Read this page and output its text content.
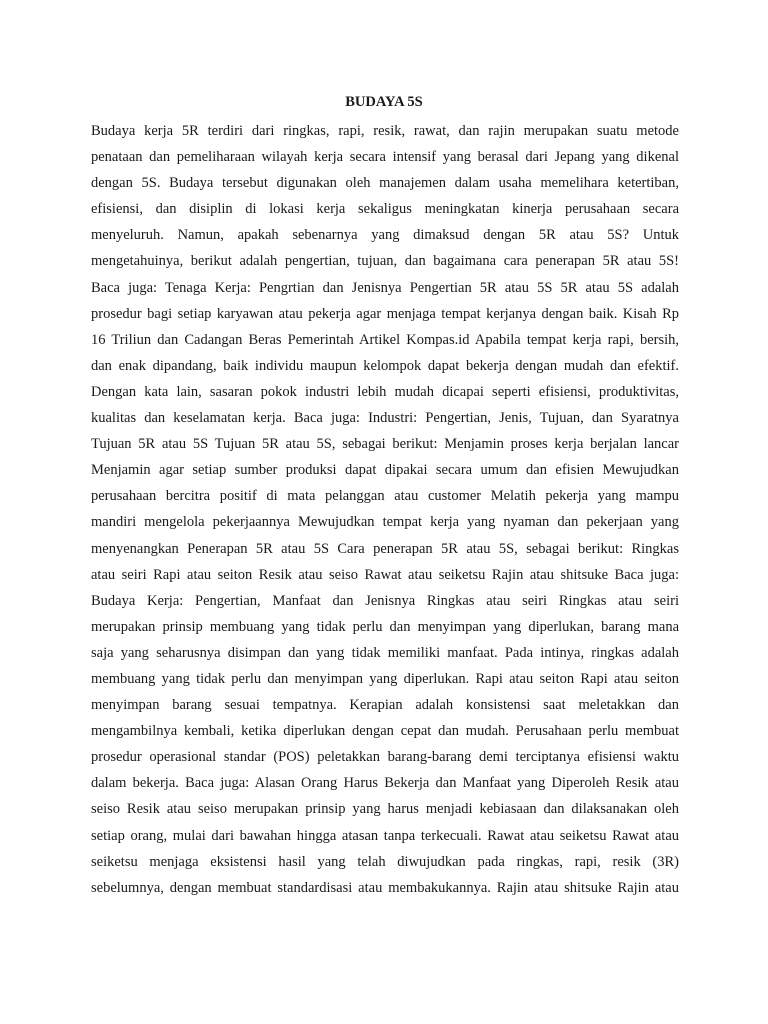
BUDAYA 5S
Budaya kerja 5R terdiri dari ringkas, rapi, resik, rawat, dan rajin merupakan suatu metode
penataan dan pemeliharaan wilayah kerja secara intensif yang berasal dari Jepang yang dikenal
dengan 5S. Budaya tersebut digunakan oleh manajemen dalam usaha memelihara ketertiban,
efisiensi, dan disiplin di lokasi kerja sekaligus meningkatan kinerja perusahaan secara
menyeluruh. Namun, apakah sebenarnya yang dimaksud dengan 5R atau 5S? Untuk
mengetahuinya, berikut adalah pengertian, tujuan, dan bagaimana cara penerapan 5R atau 5S!
Baca juga: Tenaga Kerja: Pengrtian dan Jenisnya Pengertian 5R atau 5S 5R atau 5S adalah
prosedur bagi setiap karyawan atau pekerja agar menjaga tempat kerjanya dengan baik. Kisah Rp
16 Triliun dan Cadangan Beras Pemerintah Artikel Kompas.id Apabila tempat kerja rapi, bersih,
dan enak dipandang, baik individu maupun kelompok dapat bekerja dengan mudah dan efektif.
Dengan kata lain, sasaran pokok industri lebih mudah dicapai seperti efisiensi, produktivitas,
kualitas dan keselamatan kerja. Baca juga: Industri: Pengertian, Jenis, Tujuan, dan Syaratnya
Tujuan 5R atau 5S Tujuan 5R atau 5S, sebagai berikut: Menjamin proses kerja berjalan lancar
Menjamin agar setiap sumber produksi dapat dipakai secara umum dan efisien Mewujudkan
perusahaan bercitra positif di mata pelanggan atau customer Melatih pekerja yang mampu
mandiri mengelola pekerjaannya Mewujudkan tempat kerja yang nyaman dan pekerjaan yang
menyenangkan Penerapan 5R atau 5S Cara penerapan 5R atau 5S, sebagai berikut: Ringkas
atau seiri Rapi atau seiton Resik atau seiso Rawat atau seiketsu Rajin atau shitsuke Baca juga:
Budaya Kerja: Pengertian, Manfaat dan Jenisnya Ringkas atau seiri Ringkas atau seiri
merupakan prinsip membuang yang tidak perlu dan menyimpan yang diperlukan, barang mana
saja yang seharusnya disimpan dan yang tidak memiliki manfaat. Pada intinya, ringkas adalah
membuang yang tidak perlu dan menyimpan yang diperlukan. Rapi atau seiton Rapi atau seiton
menyimpan barang sesuai tempatnya. Kerapian adalah konsistensi saat meletakkan dan
mengambilnya kembali, ketika diperlukan dengan cepat dan mudah. Perusahaan perlu membuat
prosedur operasional standar (POS) peletakkan barang-barang demi terciptanya efisiensi waktu
dalam bekerja. Baca juga: Alasan Orang Harus Bekerja dan Manfaat yang Diperoleh Resik atau
seiso Resik atau seiso merupakan prinsip yang harus menjadi kebiasaan dan dilaksanakan oleh
setiap orang, mulai dari bawahan hingga atasan tanpa terkecuali. Rawat atau seiketsu Rawat atau
seiketsu menjaga eksistensi hasil yang telah diwujudkan pada ringkas, rapi, resik (3R)
sebelumnya, dengan membuat standardisasi atau membakukannya. Rajin atau shitsuke Rajin atau
